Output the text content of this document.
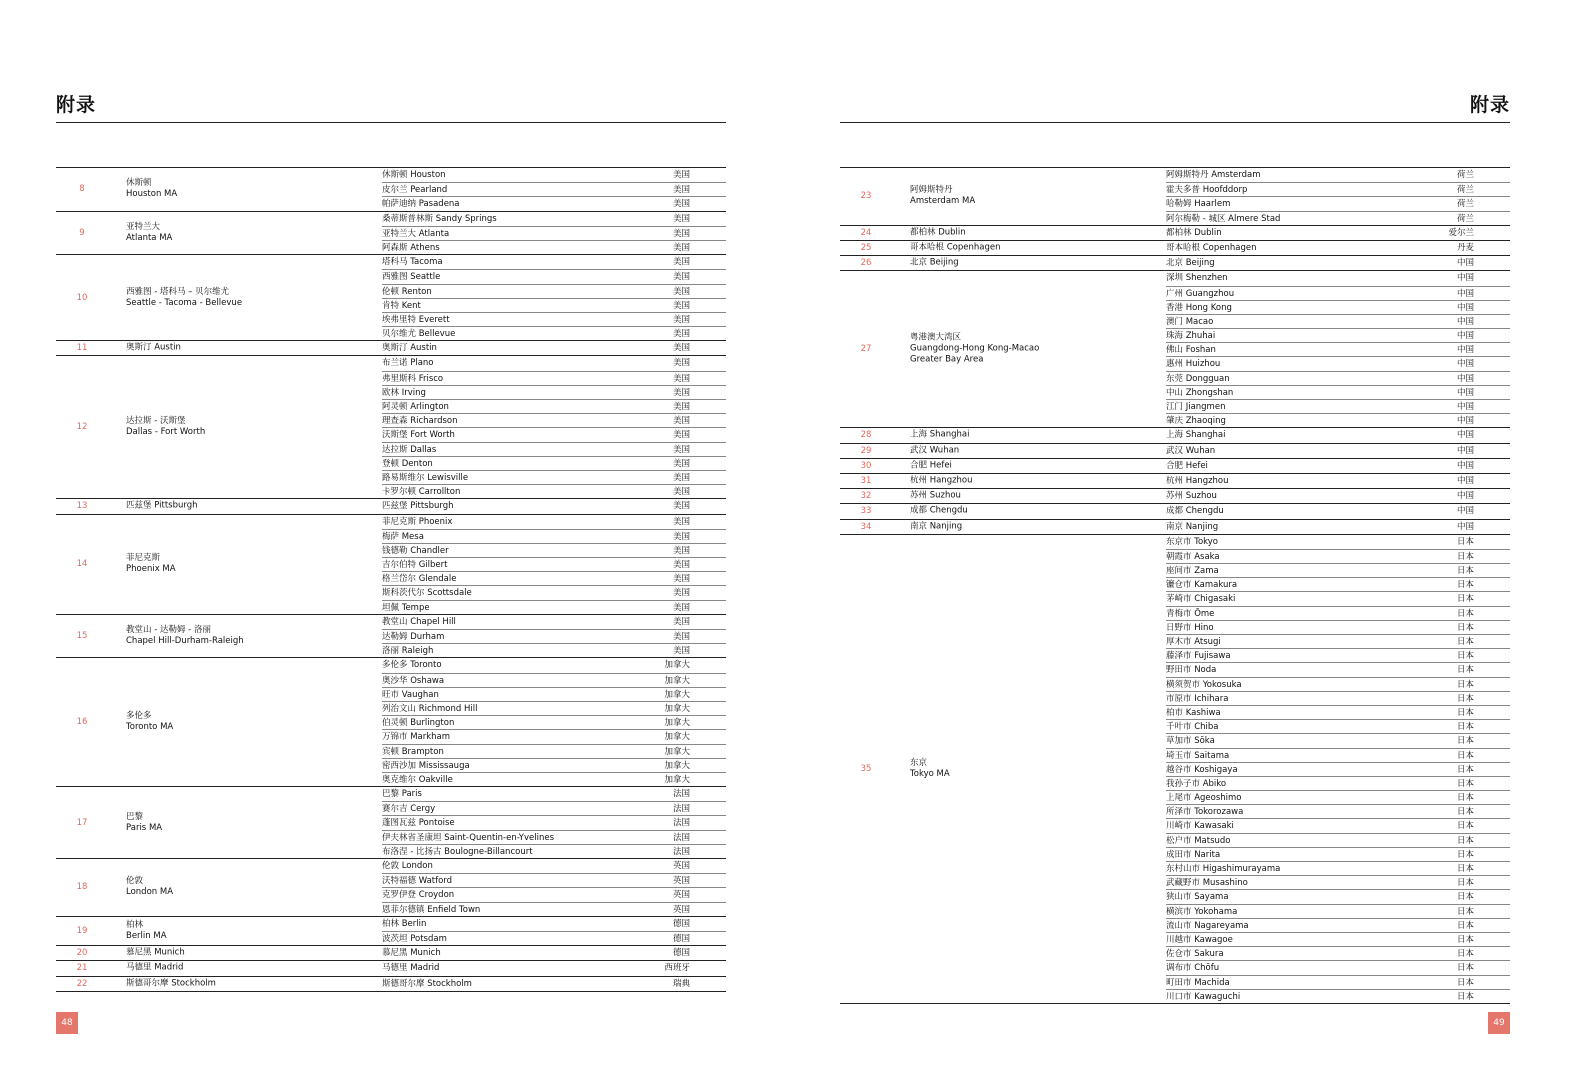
附录
8
休斯顿
Houston MA
休斯顿 Houston	美国
皮尔兰 Pearland	美国
帕萨迪纳 Pasadena	美国
9
亚特兰大
Atlanta MA
桑蒂斯普林斯 Sandy Springs	美国
亚特兰大 Atlanta	美国
阿森斯 Athens	美国
10
西雅图 - 塔科马 – 贝尔维尤
Seattle - Tacoma - Bellevue
塔科马 Tacoma	美国
西雅图 Seattle	美国
伦顿 Renton	美国
肯特 Kent	美国
埃弗里特 Everett	美国
贝尔维尤 Bellevue	美国
11	奥斯汀 Austin	奥斯汀 Austin	美国
12
达拉斯 - 沃斯堡
Dallas - Fort Worth
布兰诺 Plano	美国
弗里斯科 Frisco	美国
欧林 Irving	美国
阿灵顿 Arlington	美国
理查森 Richardson	美国
沃斯堡 Fort Worth	美国
达拉斯 Dallas	美国
登顿 Denton	美国
路易斯维尔 Lewisville	美国
卡罗尔顿 Carrollton	美国
13	匹兹堡 Pittsburgh	匹兹堡 Pittsburgh	美国
14
菲尼克斯
Phoenix MA
菲尼克斯 Phoenix	美国
梅萨 Mesa	美国
钱德勒 Chandler	美国
吉尔伯特 Gilbert	美国
格兰岱尔 Glendale	美国
斯科茨代尔 Scottsdale	美国
坦佩 Tempe	美国
15
教堂山 - 达勒姆 - 洛丽
Chapel Hill-Durham-Raleigh
教堂山 Chapel Hill	美国
达勒姆 Durham	美国
洛丽 Raleigh	美国
16
多伦多
Toronto MA
多伦多 Toronto	加拿大
奥沙华 Oshawa	加拿大
旺市 Vaughan	加拿大
列治文山 Richmond Hill	加拿大
伯灵顿 Burlington	加拿大
万锦市 Markham	加拿大
宾顿 Brampton	加拿大
密西沙加 Mississauga	加拿大
奥克维尔 Oakville	加拿大
17
巴黎
Paris MA
巴黎 Paris	法国
赛尔吉 Cergy	法国
蓬图瓦兹 Pontoise	法国
伊夫林省圣康坦 Saint-Quentin-en-Yvelines	法国
布洛涅 - 比扬古 Boulogne-Billancourt	法国
18
伦敦
London MA
伦敦 London	英国
沃特福德 Watford	英国
克罗伊登 Croydon	英国
恩菲尔德镇 Enfield Town	英国
19
柏林
Berlin MA
柏林 Berlin	德国
波茨坦 Potsdam	德国
20	慕尼黑 Munich	慕尼黑 Munich	德国
21	马德里 Madrid	马德里 Madrid	西班牙
22	斯德哥尔摩 Stockholm	斯德哥尔摩 Stockholm	瑞典
48
附录
23
阿姆斯特丹
Amsterdam MA
阿姆斯特丹 Amsterdam	荷兰
霍夫多普 Hoofddorp	荷兰
哈勒姆 Haarlem	荷兰
阿尔梅勒 - 城区 Almere Stad	荷兰
24	都柏林 Dublin	都柏林 Dublin	爱尔兰
25	哥本哈根 Copenhagen	哥本哈根 Copenhagen	丹麦
26	北京 Beijing	北京 Beijing	中国
27
粤港澳大湾区
Guangdong-Hong Kong-Macao
Greater Bay Area
深圳 Shenzhen	中国
广州 Guangzhou	中国
香港 Hong Kong	中国
澳门 Macao	中国
珠海 Zhuhai	中国
佛山 Foshan	中国
惠州 Huizhou	中国
东莞 Dongguan	中国
中山 Zhongshan	中国
江门 Jiangmen	中国
肇庆 Zhaoqing	中国
28	上海 Shanghai	上海 Shanghai	中国
29	武汉 Wuhan	武汉 Wuhan	中国
30	合肥 Hefei	合肥 Hefei	中国
31	杭州 Hangzhou	杭州 Hangzhou	中国
32	苏州 Suzhou	苏州 Suzhou	中国
33	成都 Chengdu	成都 Chengdu	中国
34	南京 Nanjing	南京 Nanjing	中国
35
东京
Tokyo MA
东京市 Tokyo	日本
朝霞市 Asaka	日本
座间市 Zama	日本
镰仓市 Kamakura	日本
茅崎市 Chigasaki	日本
青梅市 Ōme	日本
日野市 Hino	日本
厚木市 Atsugi	日本
藤泽市 Fujisawa	日本
野田市 Noda	日本
横须贺市 Yokosuka	日本
市原市 Ichihara	日本
柏市 Kashiwa	日本
千叶市 Chiba	日本
草加市 Sōka	日本
埼玉市 Saitama	日本
越谷市 Koshigaya	日本
我孙子市 Abiko	日本
上尾市 Ageoshimo	日本
所泽市 Tokorozawa	日本
川崎市 Kawasaki	日本
松户市 Matsudo	日本
成田市 Narita	日本
东村山市 Higashimurayama	日本
武藏野市 Musashino	日本
狭山市 Sayama	日本
横滨市 Yokohama	日本
流山市 Nagareyama	日本
川越市 Kawagoe	日本
佐仓市 Sakura	日本
调布市 Chōfu	日本
町田市 Machida	日本
川口市 Kawaguchi	日本
49
